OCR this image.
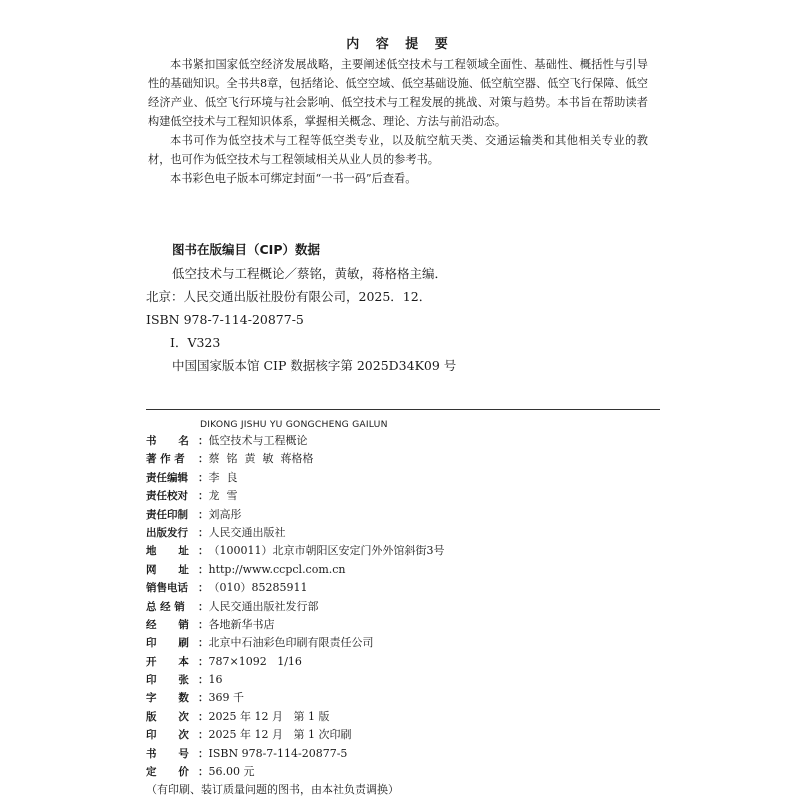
内 容 提 要

本书紧扣国家低空经济发展战略，主要阐述低空技术与工程领域全面性、基础性、概括性与引导性的基础知识。全书共8章，包括绪论、低空空域、低空基础设施、低空航空器、低空飞行保障、低空经济产业、低空飞行环境与社会影响、低空技术与工程发展的挑战、对策与趋势。本书旨在帮助读者构建低空技术与工程知识体系，掌握相关概念、理论、方法与前沿动态。

本书可作为低空技术与工程等低空类专业，以及航空航天类、交通运输类和其他相关专业的教材，也可作为低空技术与工程领域相关从业人员的参考书。

本书彩色电子版本可绑定封面“一书一码”后查看。

图书在版编目（CIP）数据
低空技术与工程概论／蔡铭，黄敏，蒋格格主编．
北京：人民交通出版社股份有限公司，2025．12．
ISBN 978-7-114-20877-5
Ⅰ．V323
中国国家版本馆 CIP 数据核字第 2025D34K09 号
DIKONG JISHU YU GONGCHENG GAILUN
书      名 ： 低空技术与工程概论
著 作 者	： 蔡  铭  黄  敏  蒋格格
责任编辑 ： 李  良
责任校对 ： 龙  雪
责任印制 ： 刘高彤
出版发行 ： 人民交通出版社
地      址 ： （100011）北京市朝阳区安定门外外馆斜街3号
网      址 ： http://www.ccpcl.com.cn
销售电话 ： （010）85285911
总 经 销	： 人民交通出版社发行部
经      销 ： 各地新华书店
印      刷 ： 北京中石油彩色印刷有限责任公司
开      本 ： 787×1092   1/16
印      张 ： 16
字      数 ： 369 千
版      次 ： 2025 年 12 月   第 1 版
印      次 ： 2025 年 12 月   第 1 次印刷
书      号 ： ISBN 978-7-114-20877-5
定      价 ： 56.00 元
（有印刷、装订质量问题的图书，由本社负责调换）
